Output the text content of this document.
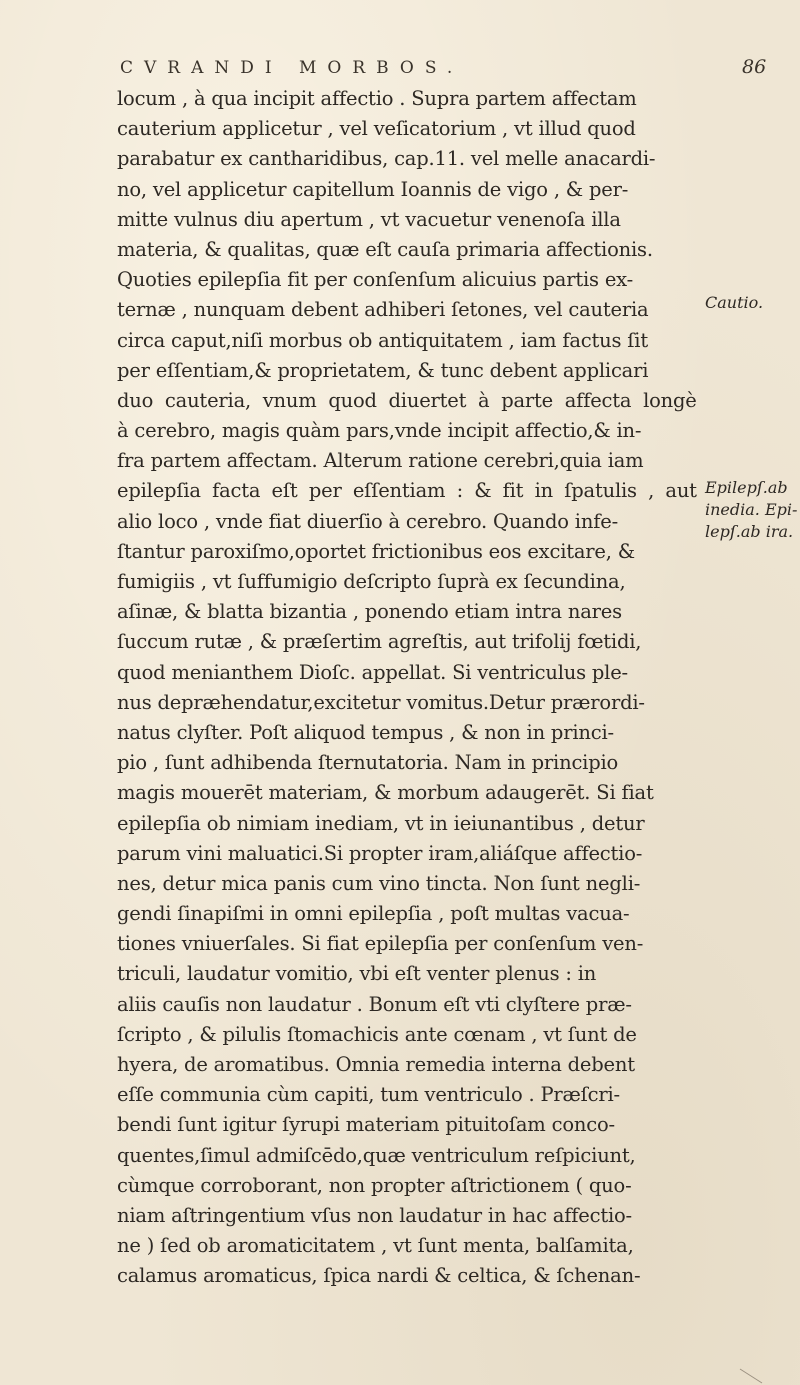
CVRANDI MORBOS.	86
locum , à qua incipit affectio . Supra partem affectam
cauterium applicetur , vel veſicatorium , vt illud quod
parabatur ex cantharidibus, cap.11. vel melle anacardi-
no, vel applicetur capitellum Ioannis de vigo , & per-
mitte vulnus diu apertum , vt vacuetur venenoſa illa
materia, & qualitas, quæ eſt cauſa primaria affectionis.
Quoties epilepſia fit per conſenſum alicuius partis ex-
ternæ , nunquam debent adhiberi ſetones, vel cauteria
circa caput,niſi morbus ob antiquitatem , iam factus ſit
per eſſentiam,& proprietatem, & tunc debent applicari
duo cauteria, vnum quod diuertet à parte affecta longè
à cerebro, magis quàm pars,vnde incipit affectio,& in-
fra partem affectam. Alterum ratione cerebri,quia iam
epilepſia facta eſt per eſſentiam : & fit in ſpatulis , aut
alio loco , vnde fiat diuerſio à cerebro. Quando infe-
ſtantur paroxiſmo,oportet frictionibus eos excitare, &
fumigiis , vt ſuffumigio deſcripto ſuprà ex ſecundina,
aſinæ, & blatta bizantia , ponendo etiam intra nares
ſuccum rutæ , & præſertim agreſtis, aut trifolij fœtidi,
quod menianthem Dioſc. appellat. Si ventriculus ple-
nus depræhendatur,excitetur vomitus.Detur prærordi-
natus clyſter. Poſt aliquod tempus , & non in princi-
pio , ſunt adhibenda ſternutatoria. Nam in principio
magis mouerēt materiam, & morbum adaugerēt. Si fiat
epilepſia ob nimiam inediam, vt in ieiunantibus , detur
parum vini maluatici.Si propter iram,aliáſque affectio-
nes, detur mica panis cum vino tincta. Non ſunt negli-
gendi ſinapiſmi in omni epilepſia , poſt multas vacua-
tiones vniuerſales. Si fiat epilepſia per conſenſum ven-
triculi, laudatur vomitio, vbi eſt venter plenus : in
aliis cauſis non laudatur . Bonum eſt vti clyſtere præ-
ſcripto , & pilulis ſtomachicis ante cœnam , vt ſunt de
hyera, de aromatibus. Omnia remedia interna debent
eſſe communia cùm capiti, tum ventriculo . Præſcri-
bendi ſunt igitur ſyrupi materiam pituitoſam conco-
quentes,ſimul admiſcēdo,quæ ventriculum reſpiciunt,
cùmque corroborant, non propter aſtrictionem ( quo-
niam aſtringentium vſus non laudatur in hac affectio-
ne ) ſed ob aromaticitatem , vt ſunt menta, balſamita,
calamus aromaticus, ſpica nardi & celtica, & ſchenan-
Cautio.
Epilepſ.ab
inedia. Epi-
lepſ.ab ira.
